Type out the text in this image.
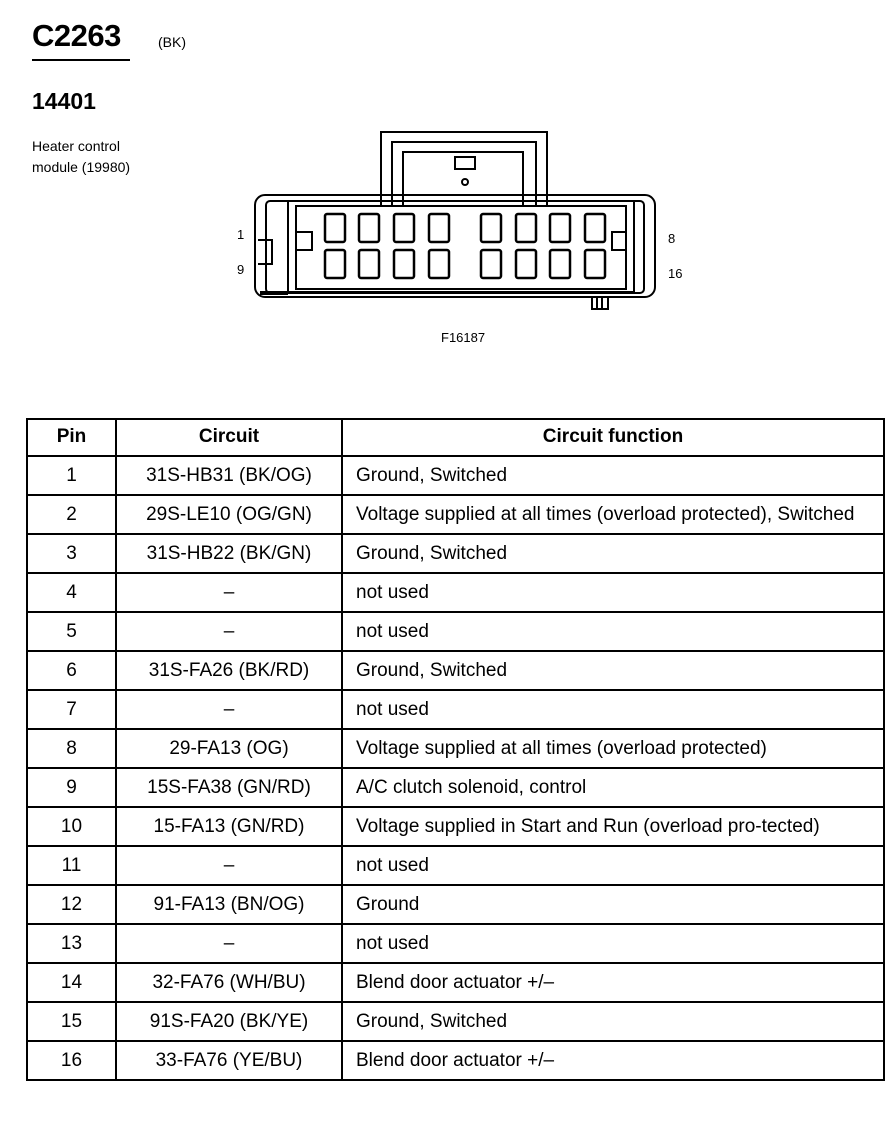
C2263	(BK)
14401
Heater control
module (19980)
1
9
8
16
F16187
Pin	Circuit	Circuit function
1	31S-HB31 (BK/OG)	Ground, Switched
2	29S-LE10 (OG/GN)	Voltage supplied at all times (overload protected), Switched
3	31S-HB22 (BK/GN)	Ground, Switched
4	–	not used
5	–	not used
6	31S-FA26 (BK/RD)	Ground, Switched
7	–	not used
8	29-FA13 (OG)	Voltage supplied at all times (overload protected)
9	15S-FA38 (GN/RD)	A/C clutch solenoid, control
10	15-FA13 (GN/RD)	Voltage supplied in Start and Run (overload pro-tected)
11	–	not used
12	91-FA13 (BN/OG)	Ground
13	–	not used
14	32-FA76 (WH/BU)	Blend door actuator +/–
15	91S-FA20 (BK/YE)	Ground, Switched
16	33-FA76 (YE/BU)	Blend door actuator +/–
